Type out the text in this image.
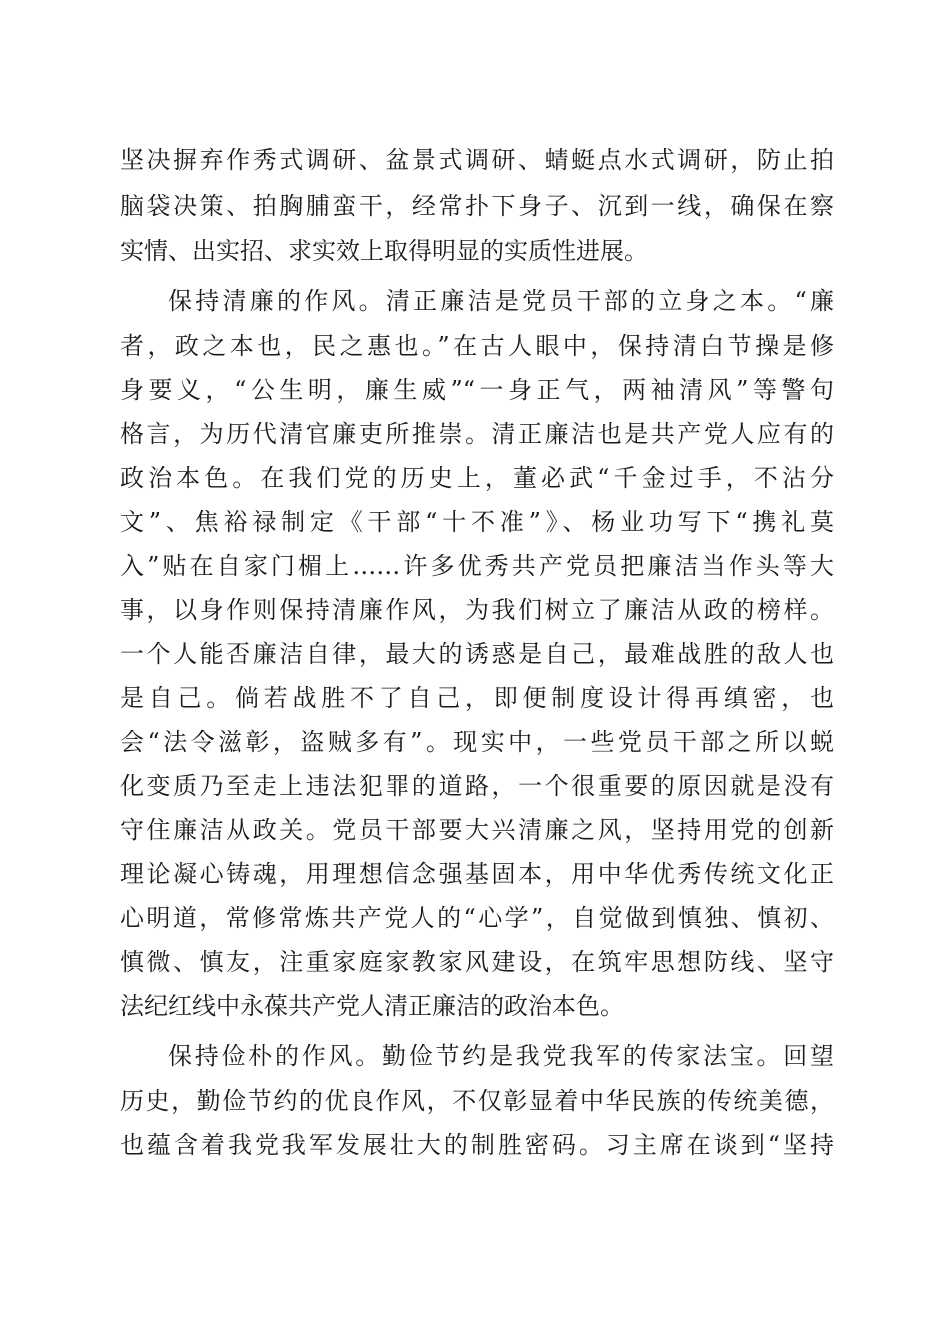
坚决摒弃作秀式调研、盆景式调研、蜻蜓点水式调研，防止拍

脑袋决策、拍胸脯蛮干，经常扑下身子、沉到一线，确保在察

实情、出实招、求实效上取得明显的实质性进展。

保持清廉的作风。清正廉洁是党员干部的立身之本。“廉

者，政之本也，民之惠也。”在古人眼中，保持清白节操是修

身要义，“公生明，廉生威”“一身正气，两袖清风”等警句

格言，为历代清官廉吏所推崇。清正廉洁也是共产党人应有的

政治本色。在我们党的历史上，董必武“千金过手，不沾分

文”、焦裕禄制定《干部“十不准”》、杨业功写下“携礼莫

入”贴在自家门楣上……许多优秀共产党员把廉洁当作头等大

事，以身作则保持清廉作风，为我们树立了廉洁从政的榜样。

一个人能否廉洁自律，最大的诱惑是自己，最难战胜的敌人也

是自己。倘若战胜不了自己，即便制度设计得再缜密，也

会“法令滋彰，盗贼多有”。现实中，一些党员干部之所以蜕

化变质乃至走上违法犯罪的道路，一个很重要的原因就是没有

守住廉洁从政关。党员干部要大兴清廉之风，坚持用党的创新

理论凝心铸魂，用理想信念强基固本，用中华优秀传统文化正

心明道，常修常炼共产党人的“心学”，自觉做到慎独、慎初、

慎微、慎友，注重家庭家教家风建设，在筑牢思想防线、坚守

法纪红线中永葆共产党人清正廉洁的政治本色。

保持俭朴的作风。勤俭节约是我党我军的传家法宝。回望

历史，勤俭节约的优良作风，不仅彰显着中华民族的传统美德，

也蕴含着我党我军发展壮大的制胜密码。习主席在谈到“坚持
